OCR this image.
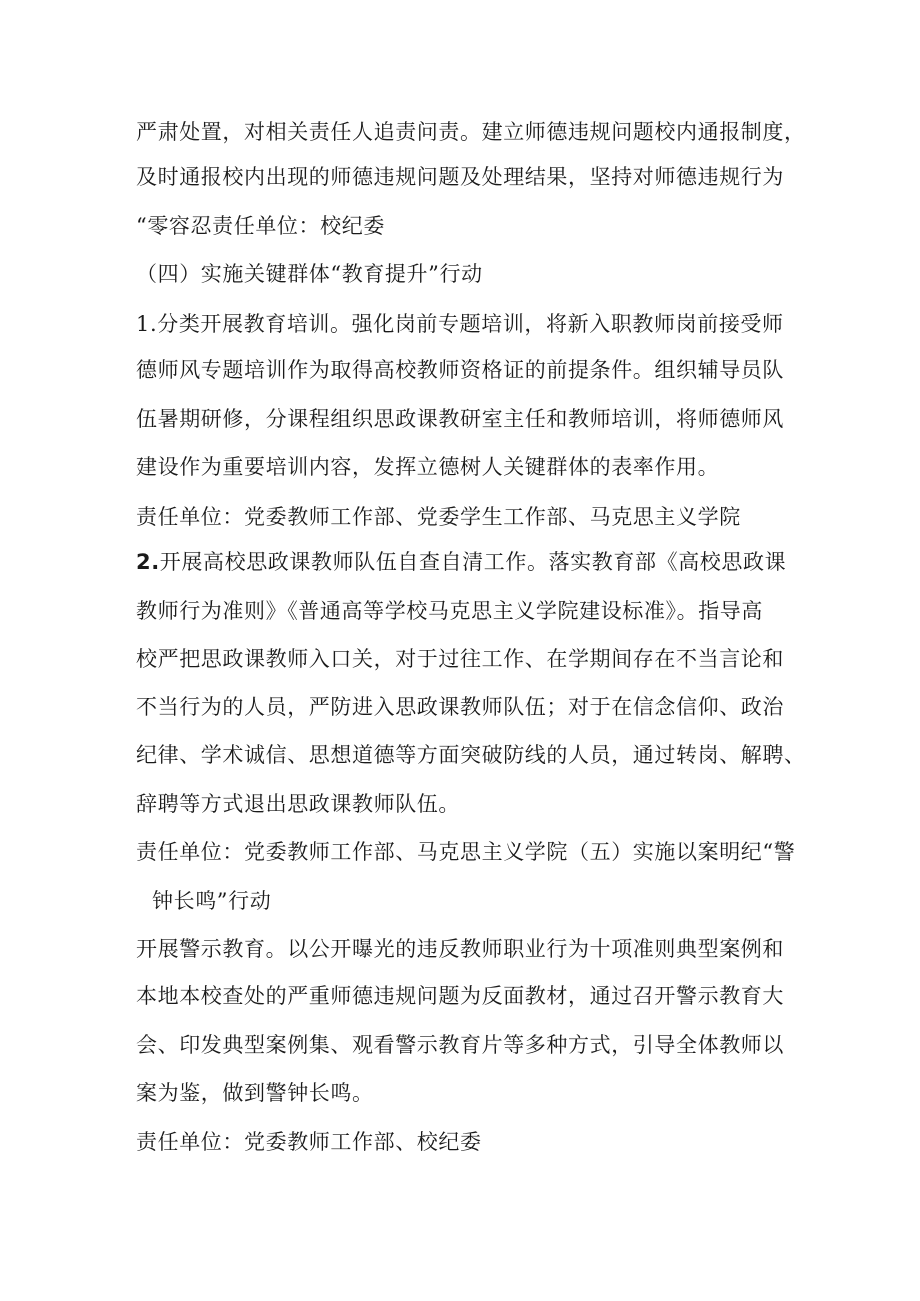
严肃处置，对相关责任人追责问责。建立师德违规问题校内通报制度，
及时通报校内出现的师德违规问题及处理结果，坚持对师德违规行为
“零容忍责任单位：校纪委
（四）实施关键群体“教育提升”行动
1.分类开展教育培训。强化岗前专题培训，将新入职教师岗前接受师
德师风专题培训作为取得高校教师资格证的前提条件。组织辅导员队
伍暑期研修，分课程组织思政课教研室主任和教师培训，将师德师风
建设作为重要培训内容，发挥立德树人关键群体的表率作用。
责任单位：党委教师工作部、党委学生工作部、马克思主义学院
2.开展高校思政课教师队伍自查自清工作。落实教育部《高校思政课
教师行为准则》《普通高等学校马克思主义学院建设标准》。指导高
校严把思政课教师入口关，对于过往工作、在学期间存在不当言论和
不当行为的人员，严防进入思政课教师队伍；对于在信念信仰、政治
纪律、学术诚信、思想道德等方面突破防线的人员，通过转岗、解聘、
辞聘等方式退出思政课教师队伍。
责任单位：党委教师工作部、马克思主义学院（五）实施以案明纪“警
钟长鸣”行动
开展警示教育。以公开曝光的违反教师职业行为十项准则典型案例和
本地本校查处的严重师德违规问题为反面教材，通过召开警示教育大
会、印发典型案例集、观看警示教育片等多种方式，引导全体教师以
案为鉴，做到警钟长鸣。
责任单位：党委教师工作部、校纪委
